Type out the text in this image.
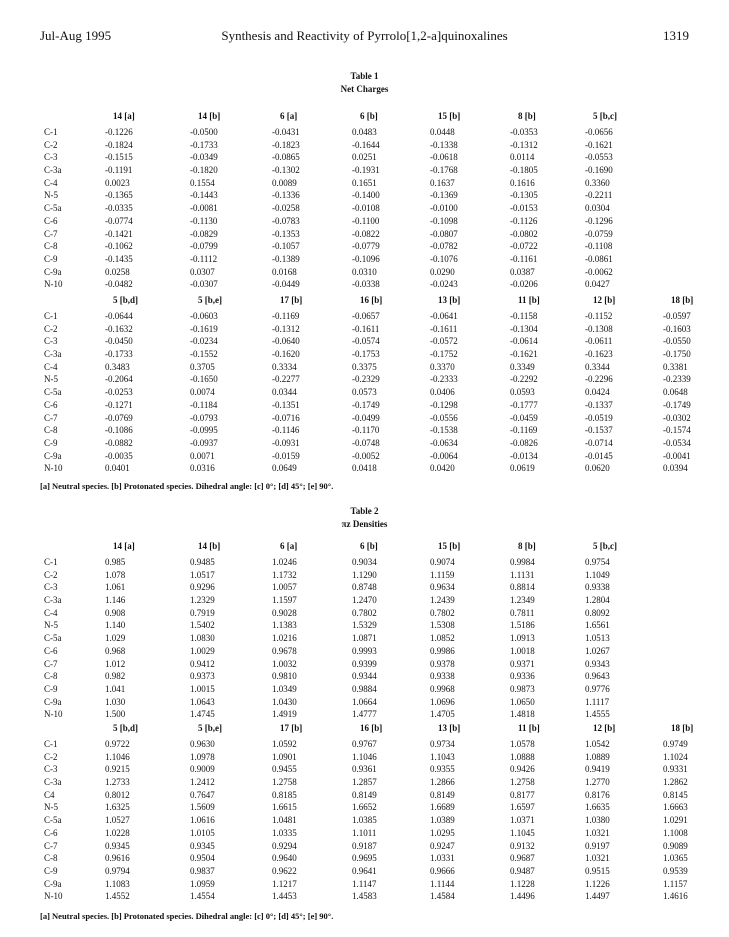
Jul-Aug 1995	Synthesis and Reactivity of Pyrrolo[1,2-a]quinoxalines	1319
Table 1
Net Charges
14 [a]	14 [b]	6 [a]	6 [b]	15 [b]	8 [b]	5 [b,c]
C-1	-0.1226	-0.0500	-0.0431	0.0483	0.0448	-0.0353	-0.0656
C-2	-0.1824	-0.1733	-0.1823	-0.1644	-0.1338	-0.1312	-0.1621
C-3	-0.1515	-0.0349	-0.0865	0.0251	-0.0618	0.0114	-0.0553
C-3a	-0.1191	-0.1820	-0.1302	-0.1931	-0.1768	-0.1805	-0.1690
C-4	0.0023	0.1554	0.0089	0.1651	0.1637	0.1616	0.3360
N-5	-0.1365	-0.1443	-0.1336	-0.1400	-0.1369	-0.1305	-0.2211
C-5a	-0.0335	-0.0081	-0.0258	-0.0108	-0.0100	-0.0153	0.0304
C-6	-0.0774	-0.1130	-0.0783	-0.1100	-0.1098	-0.1126	-0.1296
C-7	-0.1421	-0.0829	-0.1353	-0.0822	-0.0807	-0.0802	-0.0759
C-8	-0.1062	-0.0799	-0.1057	-0.0779	-0.0782	-0.0722	-0.1108
C-9	-0.1435	-0.1112	-0.1389	-0.1096	-0.1076	-0.1161	-0.0861
C-9a	0.0258	0.0307	0.0168	0.0310	0.0290	0.0387	-0.0062
N-10	-0.0482	-0.0307	-0.0449	-0.0338	-0.0243	-0.0206	0.0427
5 [b,d]	5 [b,e]	17 [b]	16 [b]	13 [b]	11 [b]	12 [b]	18 [b]
C-1	-0.0644	-0.0603	-0.1169	-0.0657	-0.0641	-0.1158	-0.1152	-0.0597
C-2	-0.1632	-0.1619	-0.1312	-0.1611	-0.1611	-0.1304	-0.1308	-0.1603
C-3	-0.0450	-0.0234	-0.0640	-0.0574	-0.0572	-0.0614	-0.0611	-0.0550
C-3a	-0.1733	-0.1552	-0.1620	-0.1753	-0.1752	-0.1621	-0.1623	-0.1750
C-4	0.3483	0.3705	0.3334	0.3375	0.3370	0.3349	0.3344	0.3381
N-5	-0.2064	-0.1650	-0.2277	-0.2329	-0.2333	-0.2292	-0.2296	-0.2339
C-5a	-0.0253	0.0074	0.0344	0.0573	0.0406	0.0593	0.0424	0.0648
C-6	-0.1271	-0.1184	-0.1351	-0.1749	-0.1298	-0.1777	-0.1337	-0.1749
C-7	-0.0769	-0.0793	-0.0716	-0.0499	-0.0556	-0.0459	-0.0519	-0.0302
C-8	-0.1086	-0.0995	-0.1146	-0.1170	-0.1538	-0.1169	-0.1537	-0.1574
C-9	-0.0882	-0.0937	-0.0931	-0.0748	-0.0634	-0.0826	-0.0714	-0.0534
C-9a	-0.0035	0.0071	-0.0159	-0.0052	-0.0064	-0.0134	-0.0145	-0.0041
N-10	0.0401	0.0316	0.0649	0.0418	0.0420	0.0619	0.0620	0.0394
[a] Neutral species. [b] Protonated species. Dihedral angle: [c] 0°; [d] 45°; [e] 90°.
Table 2
πz Densities
14 [a]	14 [b]	6 [a]	6 [b]	15 [b]	8 [b]	5 [b,c]
C-1	0.985	0.9485	1.0246	0.9034	0.9074	0.9984	0.9754
C-2	1.078	1.0517	1.1732	1.1290	1.1159	1.1131	1.1049
C-3	1.061	0.9296	1.0057	0.8748	0.9634	0.8814	0.9338
C-3a	1.146	1.2329	1.1597	1.2470	1.2439	1.2349	1.2804
C-4	0.908	0.7919	0.9028	0.7802	0.7802	0.7811	0.8092
N-5	1.140	1.5402	1.1383	1.5329	1.5308	1.5186	1.6561
C-5a	1.029	1.0830	1.0216	1.0871	1.0852	1.0913	1.0513
C-6	0.968	1.0029	0.9678	0.9993	0.9986	1.0018	1.0267
C-7	1.012	0.9412	1.0032	0.9399	0.9378	0.9371	0.9343
C-8	0.982	0.9373	0.9810	0.9344	0.9338	0.9336	0.9643
C-9	1.041	1.0015	1.0349	0.9884	0.9968	0.9873	0.9776
C-9a	1.030	1.0643	1.0430	1.0664	1.0696	1.0650	1.1117
N-10	1.500	1.4745	1.4919	1.4777	1.4705	1.4818	1.4555
5 [b,d]	5 [b,e]	17 [b]	16 [b]	13 [b]	11 [b]	12 [b]	18 [b]
C-1	0.9722	0.9630	1.0592	0.9767	0.9734	1.0578	1.0542	0.9749
C-2	1.1046	1.0978	1.0901	1.1046	1.1043	1.0888	1.0889	1.1024
C-3	0.9215	0.9009	0.9455	0.9361	0.9355	0.9426	0.9419	0.9331
C-3a	1.2733	1.2412	1.2758	1.2857	1.2866	1.2758	1.2770	1.2862
C4	0.8012	0.7647	0.8185	0.8149	0.8149	0.8177	0.8176	0.8145
N-5	1.6325	1.5609	1.6615	1.6652	1.6689	1.6597	1.6635	1.6663
C-5a	1.0527	1.0616	1.0481	1.0385	1.0389	1.0371	1.0380	1.0291
C-6	1.0228	1.0105	1.0335	1.1011	1.0295	1.1045	1.0321	1.1008
C-7	0.9345	0.9345	0.9294	0.9187	0.9247	0.9132	0.9197	0.9089
C-8	0.9616	0.9504	0.9640	0.9695	1.0331	0.9687	1.0321	1.0365
C-9	0.9794	0.9837	0.9622	0.9641	0.9666	0.9487	0.9515	0.9539
C-9a	1.1083	1.0959	1.1217	1.1147	1.1144	1.1228	1.1226	1.1157
N-10	1.4552	1.4554	1.4453	1.4583	1.4584	1.4496	1.4497	1.4616
[a] Neutral species. [b] Protonated species. Dihedral angle: [c] 0°; [d] 45°; [e] 90°.
